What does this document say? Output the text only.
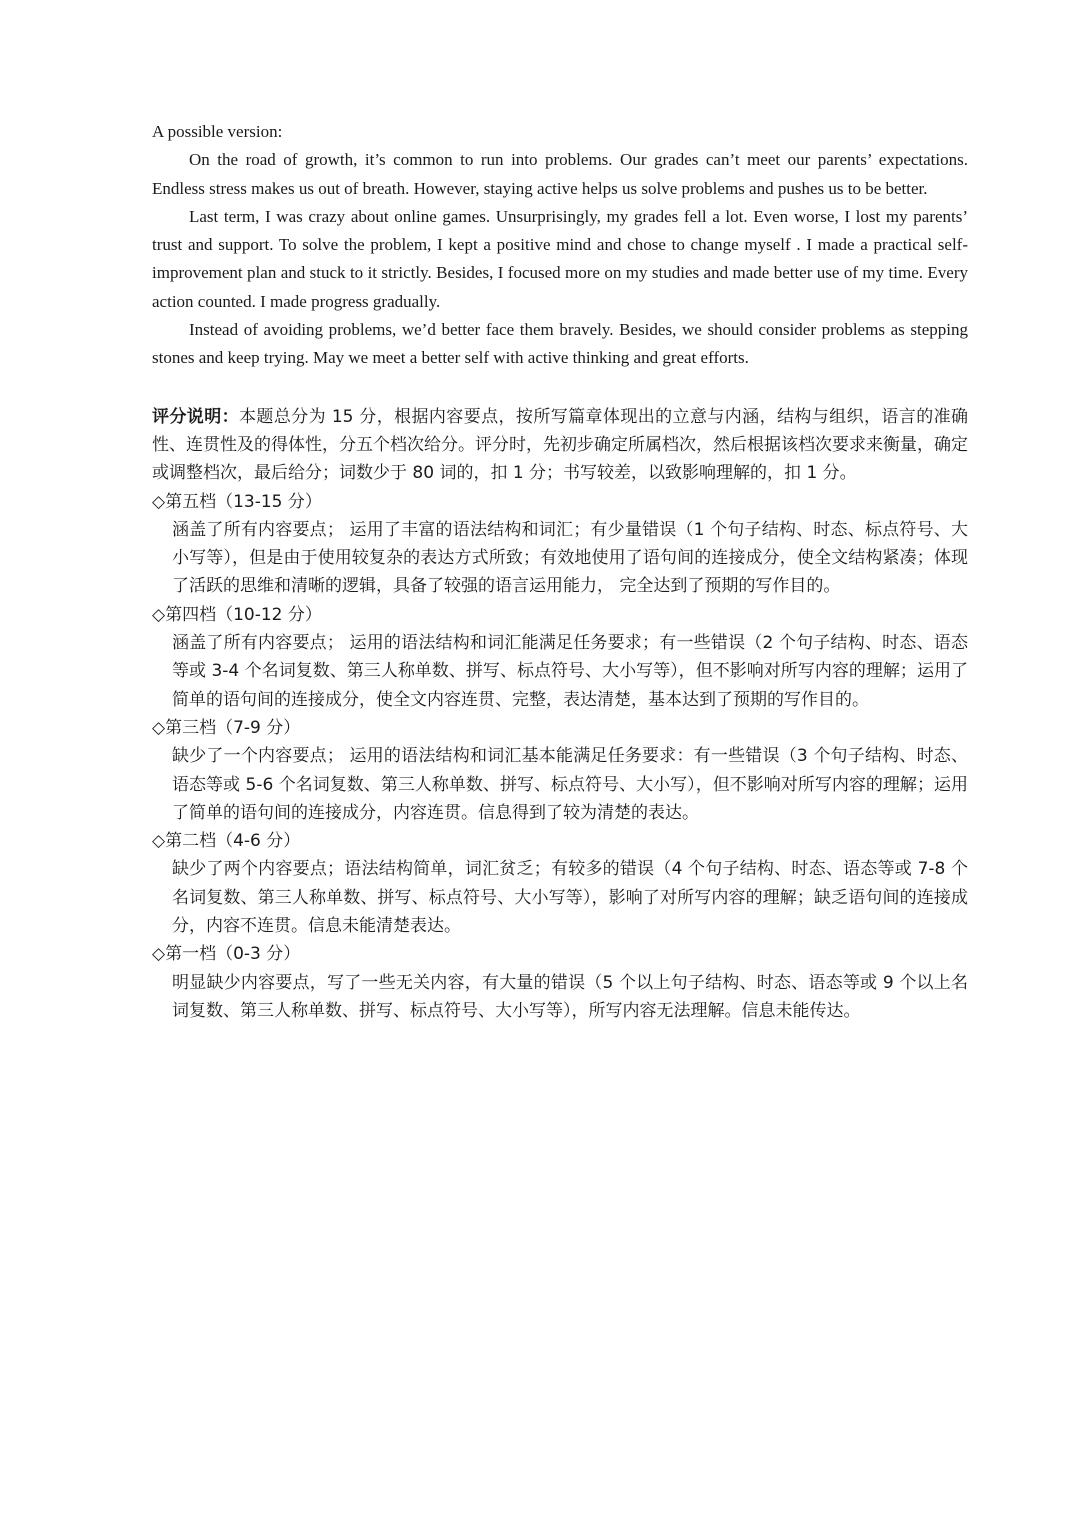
A possible version:

On the road of growth, it’s common to run into problems. Our grades can’t meet our parents’ expectations. Endless stress makes us out of breath. However, staying active helps us solve problems and pushes us to be better.

Last term, I was crazy about online games. Unsurprisingly, my grades fell a lot. Even worse, I lost my parents’ trust and support. To solve the problem, I kept a positive mind and chose to change myself . I made a practical self-improvement plan and stuck to it strictly. Besides, I focused more on my studies and made better use of my time. Every action counted. I made progress gradually.

Instead of avoiding problems, we’d better face them bravely. Besides, we should consider problems as stepping stones and keep trying. May we meet a better self with active thinking and great efforts.

评分说明：本题总分为 15 分，根据内容要点，按所写篇章体现出的立意与内涵，结构与组织，语言的准确性、连贯性及的得体性，分五个档次给分。评分时，先初步确定所属档次，然后根据该档次要求来衡量，确定或调整档次，最后给分；词数少于 80 词的，扣 1 分；书写较差，以致影响理解的，扣 1 分。

◇第五档（13-15 分）

涵盖了所有内容要点； 运用了丰富的语法结构和词汇；有少量错误（1 个句子结构、时态、标点符号、大小写等），但是由于使用较复杂的表达方式所致；有效地使用了语句间的连接成分，使全文结构紧凑；体现了活跃的思维和清晰的逻辑，具备了较强的语言运用能力， 完全达到了预期的写作目的。

◇第四档（10-12 分）

涵盖了所有内容要点； 运用的语法结构和词汇能满足任务要求；有一些错误（2 个句子结构、时态、语态等或 3-4 个名词复数、第三人称单数、拼写、标点符号、大小写等），但不影响对所写内容的理解；运用了简单的语句间的连接成分，使全文内容连贯、完整，表达清楚，基本达到了预期的写作目的。

◇第三档（7-9 分）

缺少了一个内容要点； 运用的语法结构和词汇基本能满足任务要求：有一些错误（3 个句子结构、时态、语态等或 5-6 个名词复数、第三人称单数、拼写、标点符号、大小写），但不影响对所写内容的理解；运用了简单的语句间的连接成分，内容连贯。信息得到了较为清楚的表达。

◇第二档（4-6 分）

缺少了两个内容要点；语法结构简单，词汇贫乏；有较多的错误（4 个句子结构、时态、语态等或 7-8 个名词复数、第三人称单数、拼写、标点符号、大小写等），影响了对所写内容的理解；缺乏语句间的连接成分，内容不连贯。信息未能清楚表达。

◇第一档（0-3 分）

明显缺少内容要点，写了一些无关内容，有大量的错误（5 个以上句子结构、时态、语态等或 9 个以上名词复数、第三人称单数、拼写、标点符号、大小写等），所写内容无法理解。信息未能传达。
